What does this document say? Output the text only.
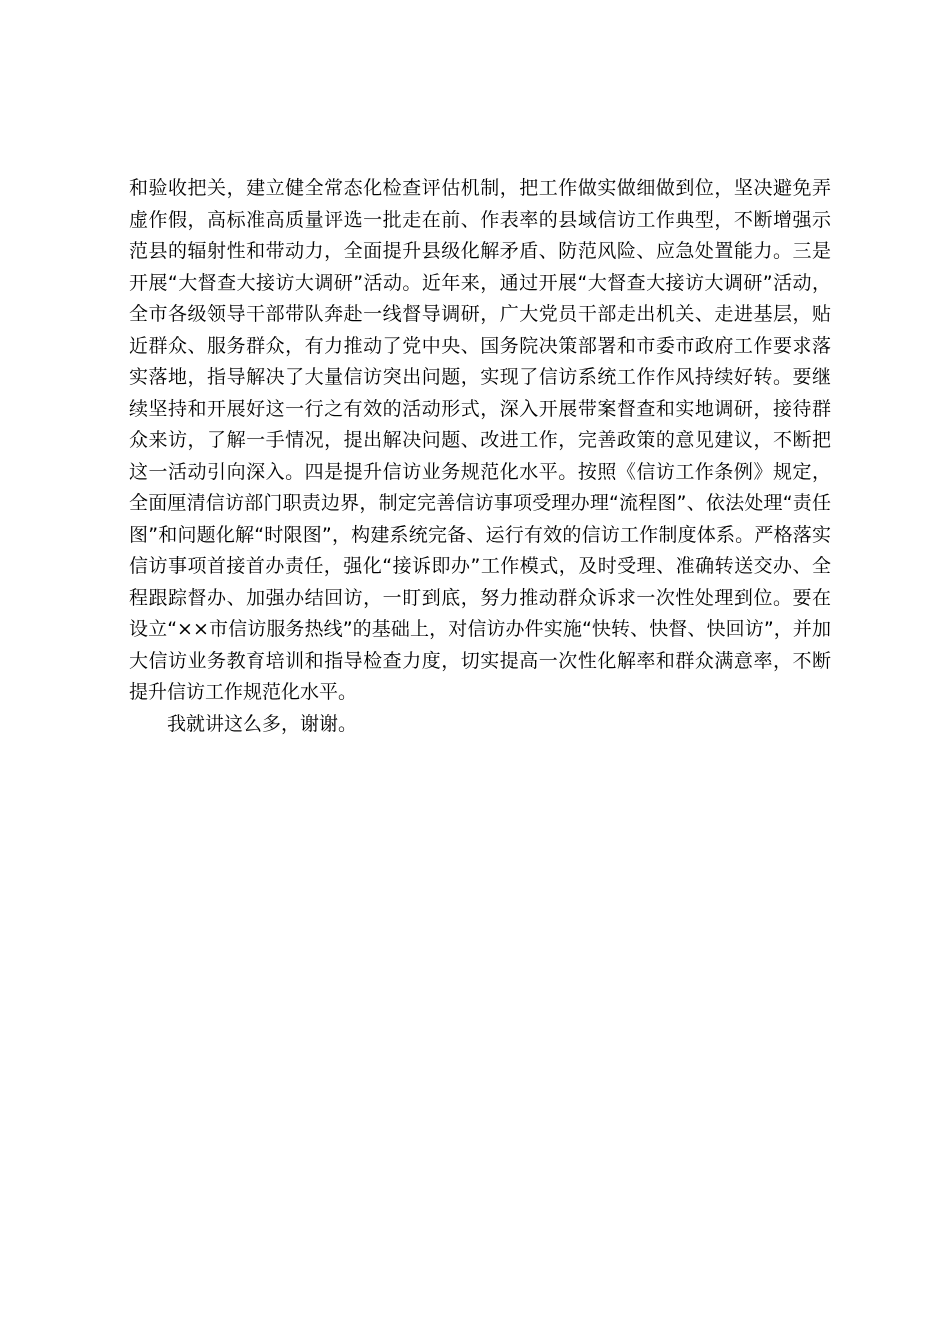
和验收把关，建立健全常态化检查评估机制，把工作做实做细做到位，坚决避免弄
虚作假，高标准高质量评选一批走在前、作表率的县域信访工作典型，不断增强示
范县的辐射性和带动力，全面提升县级化解矛盾、防范风险、应急处置能力。三是
开展“大督查大接访大调研”活动。近年来，通过开展“大督查大接访大调研”活动，
全市各级领导干部带队奔赴一线督导调研，广大党员干部走出机关、走进基层，贴
近群众、服务群众，有力推动了党中央、国务院决策部署和市委市政府工作要求落
实落地，指导解决了大量信访突出问题，实现了信访系统工作作风持续好转。要继
续坚持和开展好这一行之有效的活动形式，深入开展带案督查和实地调研，接待群
众来访，了解一手情况，提出解决问题、改进工作，完善政策的意见建议，不断把
这一活动引向深入。四是提升信访业务规范化水平。按照《信访工作条例》规定，
全面厘清信访部门职责边界，制定完善信访事项受理办理“流程图”、依法处理“责任
图”和问题化解“时限图”，构建系统完备、运行有效的信访工作制度体系。严格落实
信访事项首接首办责任，强化“接诉即办”工作模式，及时受理、准确转送交办、全
程跟踪督办、加强办结回访，一盯到底，努力推动群众诉求一次性处理到位。要在
设立“××市信访服务热线”的基础上，对信访办件实施“快转、快督、快回访”，并加
大信访业务教育培训和指导检查力度，切实提高一次性化解率和群众满意率，不断
提升信访工作规范化水平。
我就讲这么多，谢谢。
